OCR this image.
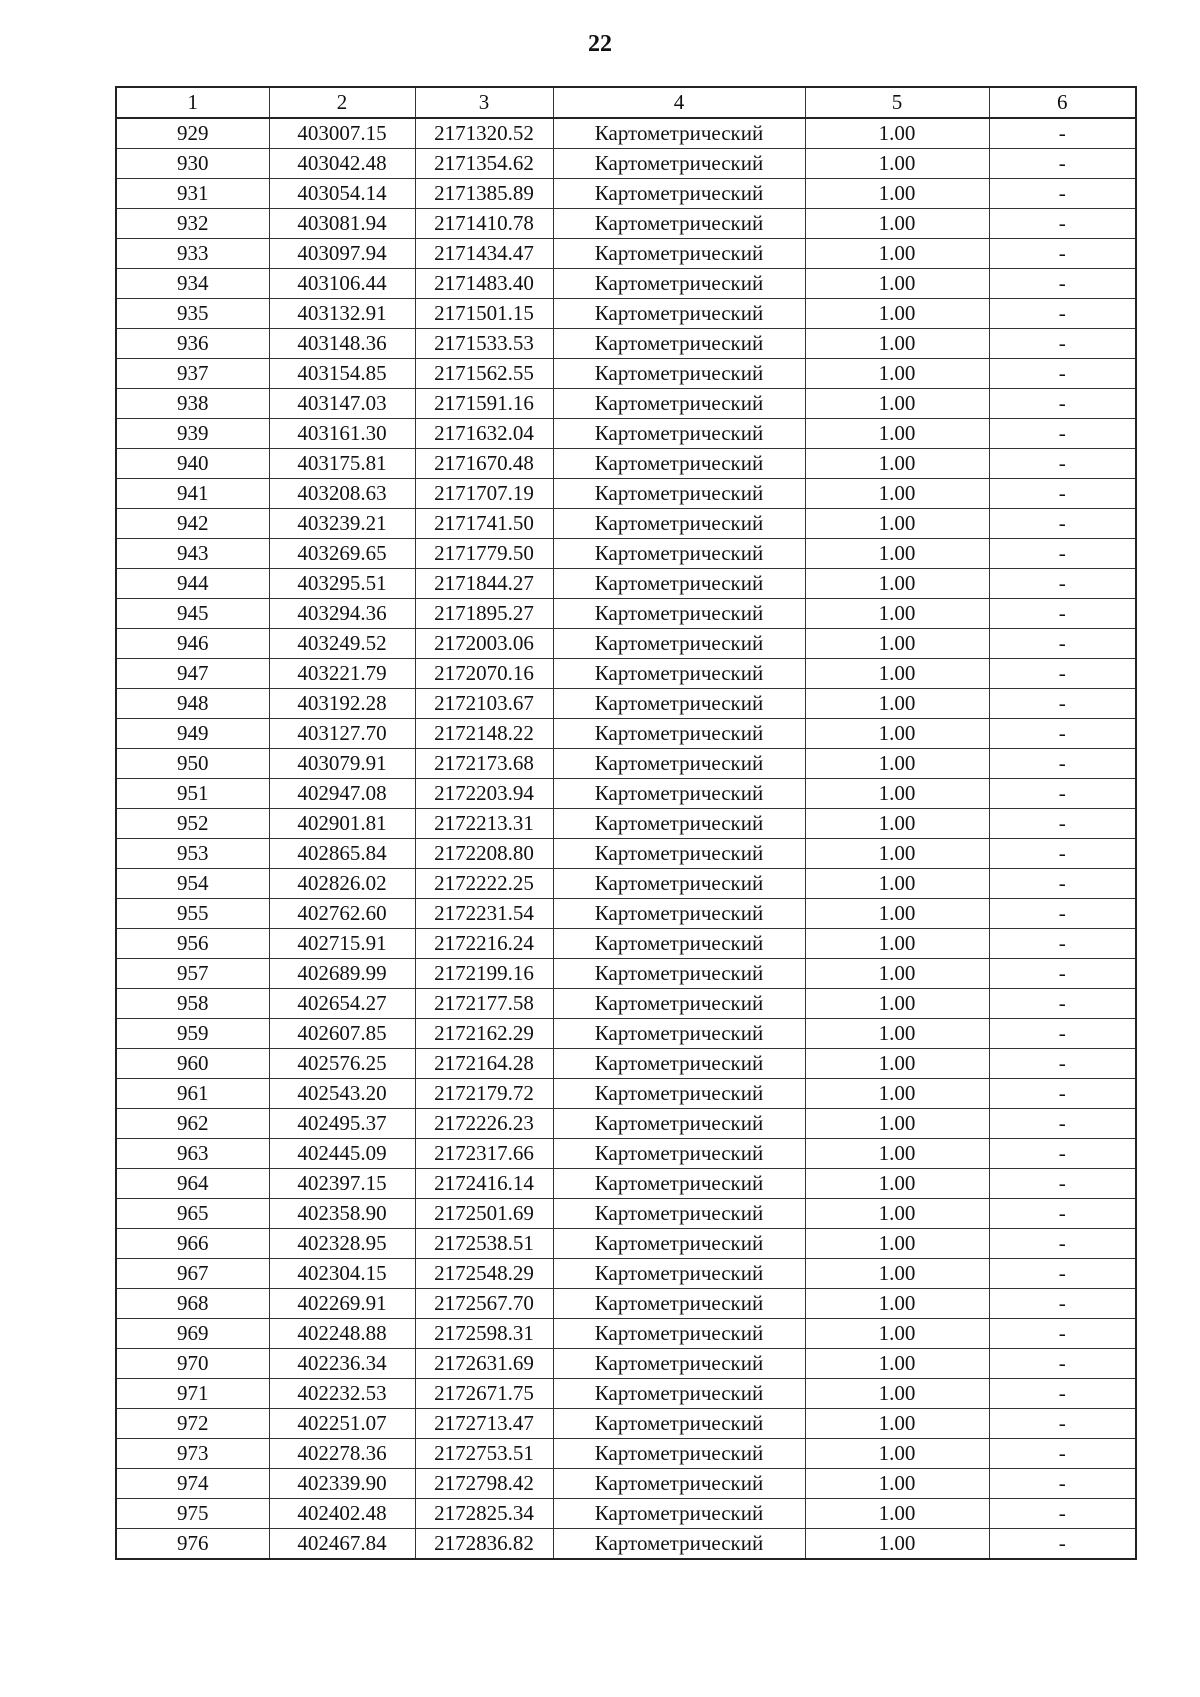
22
1	2	3	4	5	6
929	403007.15	2171320.52	Картометрический	1.00	-
930	403042.48	2171354.62	Картометрический	1.00	-
931	403054.14	2171385.89	Картометрический	1.00	-
932	403081.94	2171410.78	Картометрический	1.00	-
933	403097.94	2171434.47	Картометрический	1.00	-
934	403106.44	2171483.40	Картометрический	1.00	-
935	403132.91	2171501.15	Картометрический	1.00	-
936	403148.36	2171533.53	Картометрический	1.00	-
937	403154.85	2171562.55	Картометрический	1.00	-
938	403147.03	2171591.16	Картометрический	1.00	-
939	403161.30	2171632.04	Картометрический	1.00	-
940	403175.81	2171670.48	Картометрический	1.00	-
941	403208.63	2171707.19	Картометрический	1.00	-
942	403239.21	2171741.50	Картометрический	1.00	-
943	403269.65	2171779.50	Картометрический	1.00	-
944	403295.51	2171844.27	Картометрический	1.00	-
945	403294.36	2171895.27	Картометрический	1.00	-
946	403249.52	2172003.06	Картометрический	1.00	-
947	403221.79	2172070.16	Картометрический	1.00	-
948	403192.28	2172103.67	Картометрический	1.00	-
949	403127.70	2172148.22	Картометрический	1.00	-
950	403079.91	2172173.68	Картометрический	1.00	-
951	402947.08	2172203.94	Картометрический	1.00	-
952	402901.81	2172213.31	Картометрический	1.00	-
953	402865.84	2172208.80	Картометрический	1.00	-
954	402826.02	2172222.25	Картометрический	1.00	-
955	402762.60	2172231.54	Картометрический	1.00	-
956	402715.91	2172216.24	Картометрический	1.00	-
957	402689.99	2172199.16	Картометрический	1.00	-
958	402654.27	2172177.58	Картометрический	1.00	-
959	402607.85	2172162.29	Картометрический	1.00	-
960	402576.25	2172164.28	Картометрический	1.00	-
961	402543.20	2172179.72	Картометрический	1.00	-
962	402495.37	2172226.23	Картометрический	1.00	-
963	402445.09	2172317.66	Картометрический	1.00	-
964	402397.15	2172416.14	Картометрический	1.00	-
965	402358.90	2172501.69	Картометрический	1.00	-
966	402328.95	2172538.51	Картометрический	1.00	-
967	402304.15	2172548.29	Картометрический	1.00	-
968	402269.91	2172567.70	Картометрический	1.00	-
969	402248.88	2172598.31	Картометрический	1.00	-
970	402236.34	2172631.69	Картометрический	1.00	-
971	402232.53	2172671.75	Картометрический	1.00	-
972	402251.07	2172713.47	Картометрический	1.00	-
973	402278.36	2172753.51	Картометрический	1.00	-
974	402339.90	2172798.42	Картометрический	1.00	-
975	402402.48	2172825.34	Картометрический	1.00	-
976	402467.84	2172836.82	Картометрический	1.00	-
